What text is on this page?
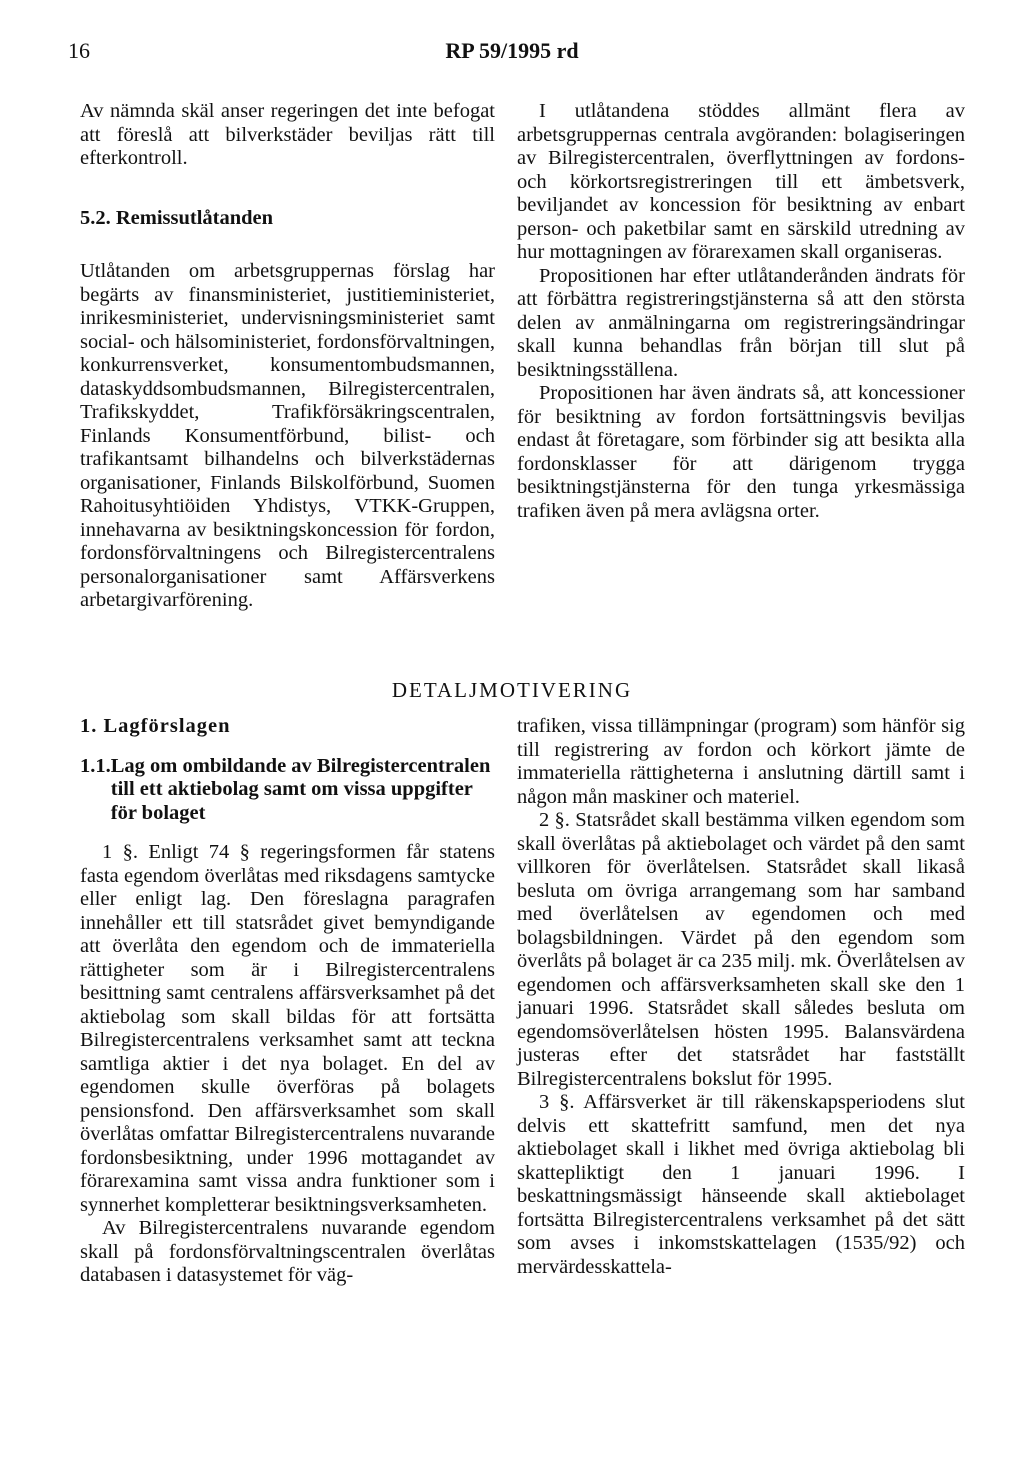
16	RP 59/1995 rd

Av nämnda skäl anser regeringen det inte befogat att föreslå att bilverkstäder beviljas rätt till efterkontroll.

5.2. Remissutlåtanden

Utlåtanden om arbetsgruppernas förslag har begärts av finansministeriet, justitieministeriet, inrikesministeriet, undervisningsministeriet samt social- och hälsoministeriet, fordonsförvaltningen, konkurrensverket, konsumentombudsmannen, dataskyddsombudsmannen, Bilregistercentralen, Trafikskyddet, Trafikförsäkringscentralen, Finlands Konsumentförbund, bilist- och trafikantsamt bilhandelns och bilverkstädernas organisationer, Finlands Bilskolförbund, Suomen Rahoitusyhtiöiden Yhdistys, VTKK-Gruppen, innehavarna av besiktningskoncession för fordon, fordonsförvaltningens och Bilregistercentralens personalorganisationer samt Affärsverkens arbetargivarförening.

I utlåtandena stöddes allmänt flera av arbetsgruppernas centrala avgöranden: bolagiseringen av Bilregistercentralen, överflyttningen av fordons- och körkortsregistreringen till ett ämbetsverk, beviljandet av koncession för besiktning av enbart person- och paketbilar samt en särskild utredning av hur mottagningen av förarexamen skall organiseras.

Propositionen har efter utlåtanderånden ändrats för att förbättra registreringstjänsterna så att den största delen av anmälningarna om registreringsändringar skall kunna behandlas från början till slut på besiktningsställena.

Propositionen har även ändrats så, att koncessioner för besiktning av fordon fortsättningsvis beviljas endast åt företagare, som förbinder sig att besikta alla fordonsklasser för att därigenom trygga besiktningstjänsterna för den tunga yrkesmässiga trafiken även på mera avlägsna orter.

DETALJMOTIVERING

1. Lagförslagen

1.1. Lag om ombildande av Bilregistercentralen till ett aktiebolag samt om vissa uppgifter för bolaget

1 §. Enligt 74 § regeringsformen får statens fasta egendom överlåtas med riksdagens samtycke eller enligt lag. Den föreslagna paragrafen innehåller ett till statsrådet givet bemyndigande att överlåta den egendom och de immateriella rättigheter som är i Bilregistercentralens besittning samt centralens affärsverksamhet på det aktiebolag som skall bildas för att fortsätta Bilregistercentralens verksamhet samt att teckna samtliga aktier i det nya bolaget. En del av egendomen skulle överföras på bolagets pensionsfond. Den affärsverksamhet som skall överlåtas omfattar Bilregistercentralens nuvarande fordonsbesiktning, under 1996 mottagandet av förarexamina samt vissa andra funktioner som i synnerhet kompletterar besiktningsverksamheten.

Av Bilregistercentralens nuvarande egendom skall på fordonsförvaltningscentralen överlåtas databasen i datasystemet för väg-

trafiken, vissa tillämpningar (program) som hänför sig till registrering av fordon och körkort jämte de immateriella rättigheterna i anslutning därtill samt i någon mån maskiner och materiel.

2 §. Statsrådet skall bestämma vilken egendom som skall överlåtas på aktiebolaget och värdet på den samt villkoren för överlåtelsen. Statsrådet skall likaså besluta om övriga arrangemang som har samband med överlåtelsen av egendomen och med bolagsbildningen. Värdet på den egendom som överlåts på bolaget är ca 235 milj. mk. Överlåtelsen av egendomen och affärsverksamheten skall ske den 1 januari 1996. Statsrådet skall således besluta om egendomsöverlåtelsen hösten 1995. Balansvärdena justeras efter det statsrådet har fastställt Bilregistercentralens bokslut för 1995.

3 §. Affärsverket är till räkenskapsperiodens slut delvis ett skattefritt samfund, men det nya aktiebolaget skall i likhet med övriga aktiebolag bli skattepliktigt den 1 januari 1996. I beskattningsmässigt hänseende skall aktiebolaget fortsätta Bilregistercentralens verksamhet på det sätt som avses i inkomstskattelagen (1535/92) och mervärdesskattela-
